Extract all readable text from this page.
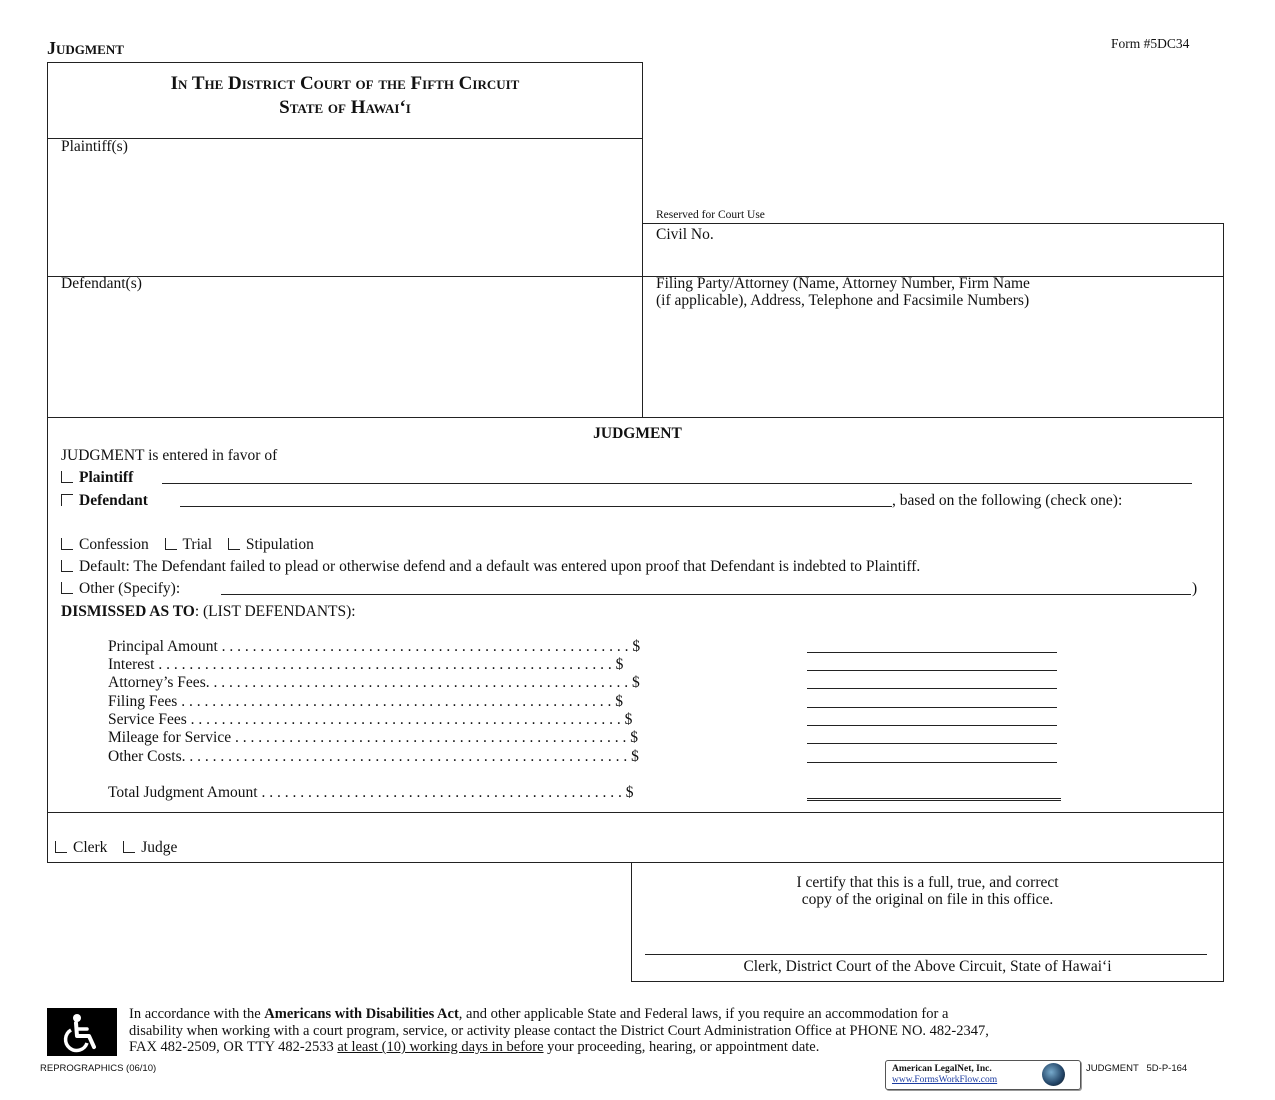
Judgment	Form #5DC34
In The District Court of the Fifth Circuit
State of Hawai‘i
Plaintiff(s)
Defendant(s)
Reserved for Court Use
Civil No.
Filing Party/Attorney (Name, Attorney Number, Firm Name
(if applicable), Address, Telephone and Facsimile Numbers)
JUDGMENT
JUDGMENT is entered in favor of
Plaintiff
Defendant	, based on the following (check one):
Confession Trial Stipulation
Default: The Defendant failed to plead or otherwise defend and a default was entered upon proof that Defendant is indebted to Plaintiff.
Other (Specify):	)
DISMISSED AS TO: (LIST DEFENDANTS):
Principal Amount . . . . . . . . . . . . . . . . . . . . . . . . . . . . . . . . . . . . . . . . . . . . . . . . . . . . . $
Interest . . . . . . . . . . . . . . . . . . . . . . . . . . . . . . . . . . . . . . . . . . . . . . . . . . . . . . . . . . . $
Attorney’s Fees. . . . . . . . . . . . . . . . . . . . . . . . . . . . . . . . . . . . . . . . . . . . . . . . . . . . . . . $
Filing Fees . . . . . . . . . . . . . . . . . . . . . . . . . . . . . . . . . . . . . . . . . . . . . . . . . . . . . . . . $
Service Fees . . . . . . . . . . . . . . . . . . . . . . . . . . . . . . . . . . . . . . . . . . . . . . . . . . . . . . . . $
Mileage for Service . . . . . . . . . . . . . . . . . . . . . . . . . . . . . . . . . . . . . . . . . . . . . . . . . . . $
Other Costs. . . . . . . . . . . . . . . . . . . . . . . . . . . . . . . . . . . . . . . . . . . . . . . . . . . . . . . . . . $
Total Judgment Amount . . . . . . . . . . . . . . . . . . . . . . . . . . . . . . . . . . . . . . . . . . . . . . . $
Clerk Judge
I certify that this is a full, true, and correct
copy of the original on file in this office.
Clerk, District Court of the Above Circuit, State of Hawai‘i
In accordance with the Americans with Disabilities Act, and other applicable State and Federal laws, if you require an accommodation for a
disability when working with a court program, service, or activity please contact the District Court Administration Office at PHONE NO. 482-2347,
FAX 482-2509, OR TTY 482-2533 at least (10) working days in before your proceeding, hearing, or appointment date.
REPROGRAPHICS (06/10)	American LegalNet, Inc.
www.FormsWorkFlow.com
JUDGMENT   5D-P-164
